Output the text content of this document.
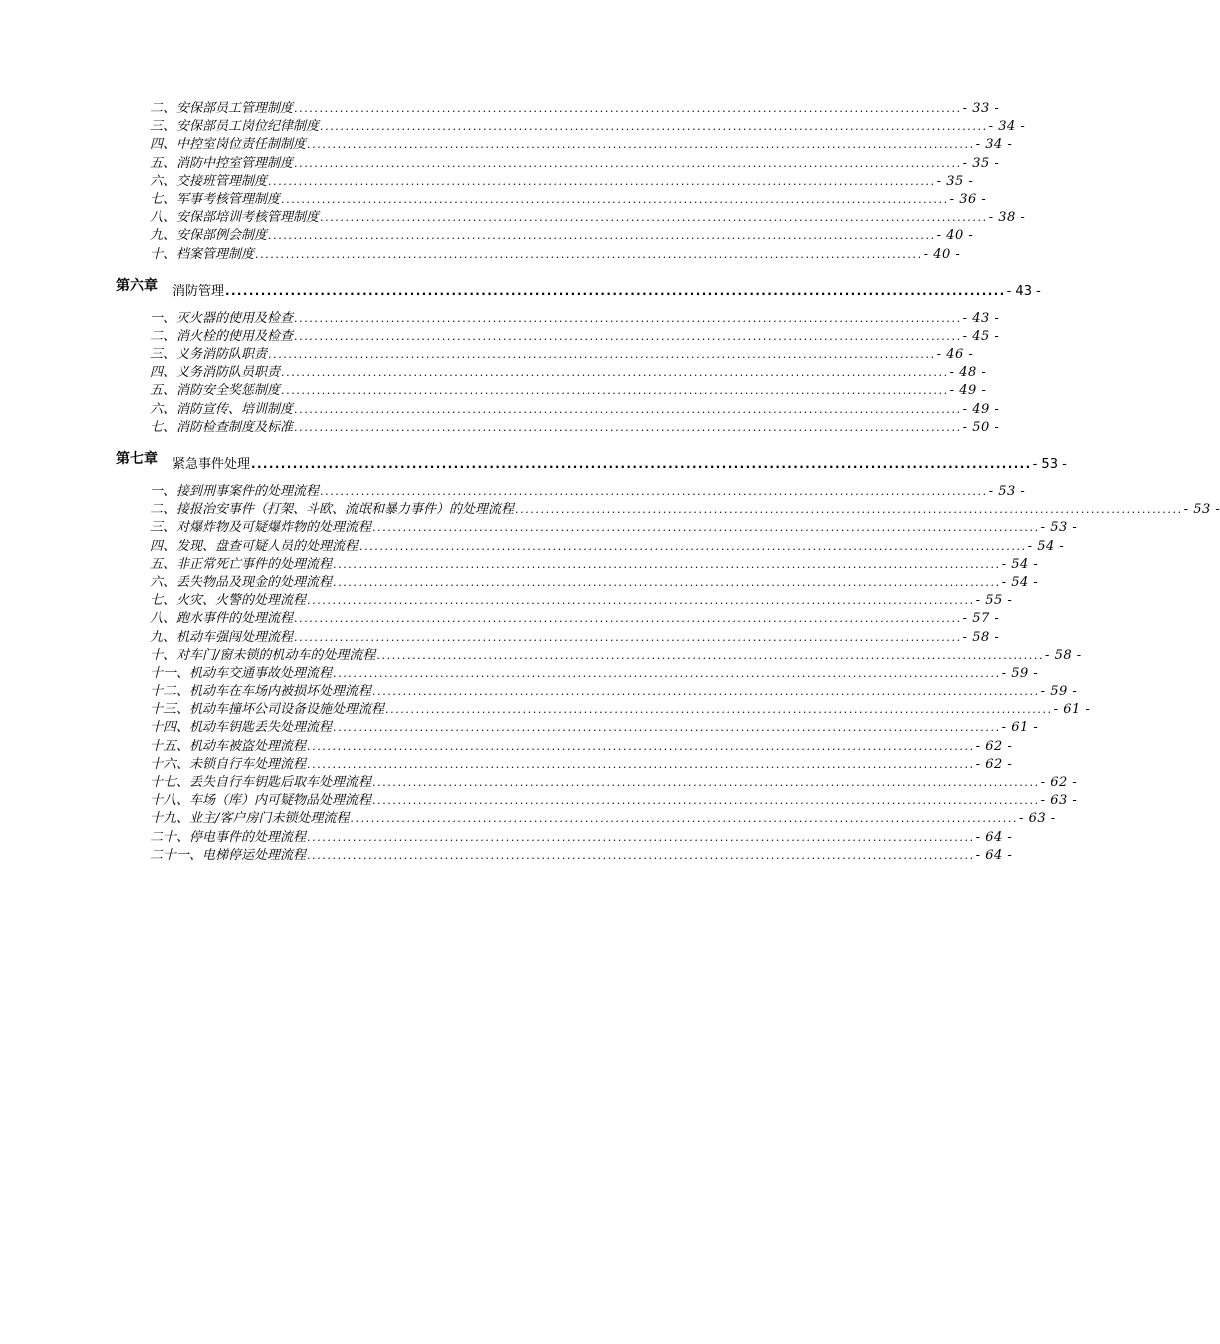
二、安保部员工管理制度 ................................................................................................................................... - 33 -
三、安保部员工岗位纪律制度 ................................................................................................................................... - 34 -
四、中控室岗位责任制制度 ................................................................................................................................... - 34 -
五、消防中控室管理制度 ................................................................................................................................... - 35 -
六、交接班管理制度 ................................................................................................................................... - 35 -
七、军事考核管理制度 ................................................................................................................................... - 36 -
八、安保部培训考核管理制度 ................................................................................................................................... - 38 -
九、安保部例会制度 ................................................................................................................................... - 40 -
十、档案管理制度 ................................................................................................................................... - 40 -
第六章	消防管理 ................................................................................................................................... - 43 -
一、灭火器的使用及检查 ................................................................................................................................... - 43 -
二、消火栓的使用及检查 ................................................................................................................................... - 45 -
三、义务消防队职责 ................................................................................................................................... - 46 -
四、义务消防队员职责 ................................................................................................................................... - 48 -
五、消防安全奖惩制度 ................................................................................................................................... - 49 -
六、消防宣传、培训制度 ................................................................................................................................... - 49 -
七、消防检查制度及标准 ................................................................................................................................... - 50 -
第七章	紧急事件处理 ................................................................................................................................... - 53 -
一、接到刑事案件的处理流程 ................................................................................................................................... - 53 -
二、接报治安事件（打架、斗欧、流氓和暴力事件）的处理流程 ................................................................................................................................... - 53 -
三、对爆炸物及可疑爆炸物的处理流程 ................................................................................................................................... - 53 -
四、发现、盘查可疑人员的处理流程 ................................................................................................................................... - 54 -
五、非正常死亡事件的处理流程 ................................................................................................................................... - 54 -
六、丢失物品及现金的处理流程 ................................................................................................................................... - 54 -
七、火灾、火警的处理流程 ................................................................................................................................... - 55 -
八、跑水事件的处理流程 ................................................................................................................................... - 57 -
九、机动车强闯处理流程 ................................................................................................................................... - 58 -
十、对车门/窗未锁的机动车的处理流程 ................................................................................................................................... - 58 -
十一、机动车交通事故处理流程 ................................................................................................................................... - 59 -
十二、机动车在车场内被损坏处理流程 ................................................................................................................................... - 59 -
十三、机动车撞坏公司设备设施处理流程 ................................................................................................................................... - 61 -
十四、机动车钥匙丢失处理流程 ................................................................................................................................... - 61 -
十五、机动车被盗处理流程 ................................................................................................................................... - 62 -
十六、未锁自行车处理流程 ................................................................................................................................... - 62 -
十七、丢失自行车钥匙后取车处理流程 ................................................................................................................................... - 62 -
十八、车场（库）内可疑物品处理流程 ................................................................................................................................... - 63 -
十九、业主/客户房门未锁处理流程 ................................................................................................................................... - 63 -
二十、停电事件的处理流程 ................................................................................................................................... - 64 -
二十一、电梯停运处理流程 ................................................................................................................................... - 64 -
